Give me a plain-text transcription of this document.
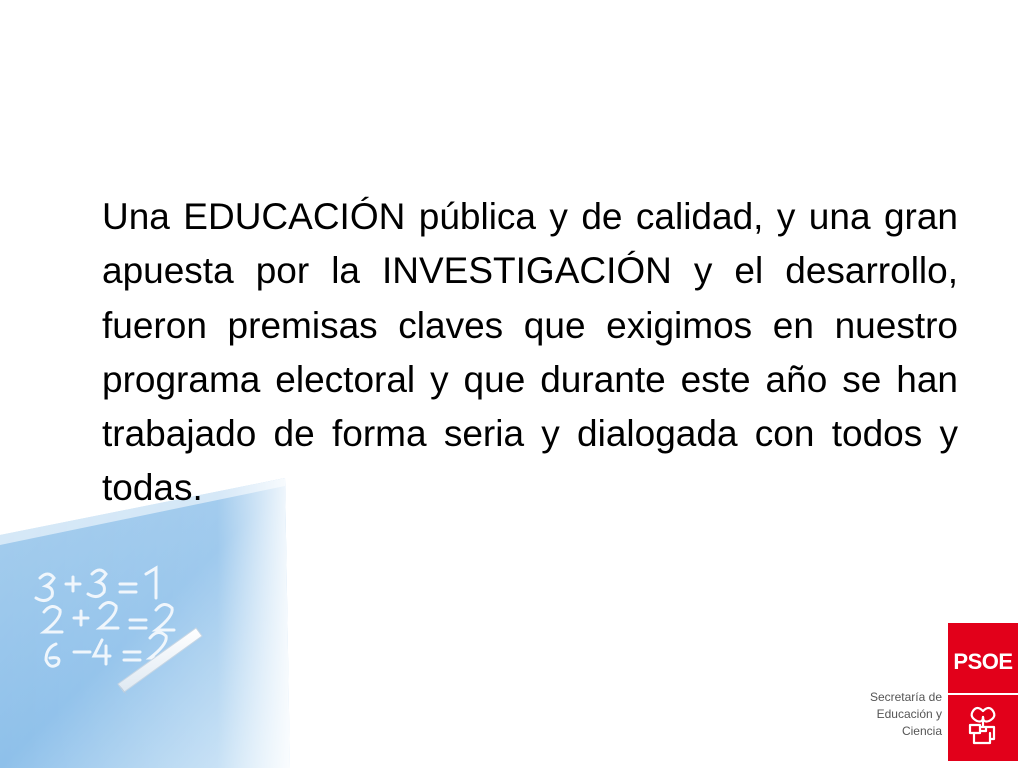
Una EDUCACIÓN pública y de calidad, y una gran apuesta por la INVESTIGACIÓN y el desarrollo, fueron premisas claves que exigimos en nuestro programa electoral y que durante este año se han trabajado de forma seria y dialogada con todos y todas.

PSOE
Secretaría de
Educación y
Ciencia
